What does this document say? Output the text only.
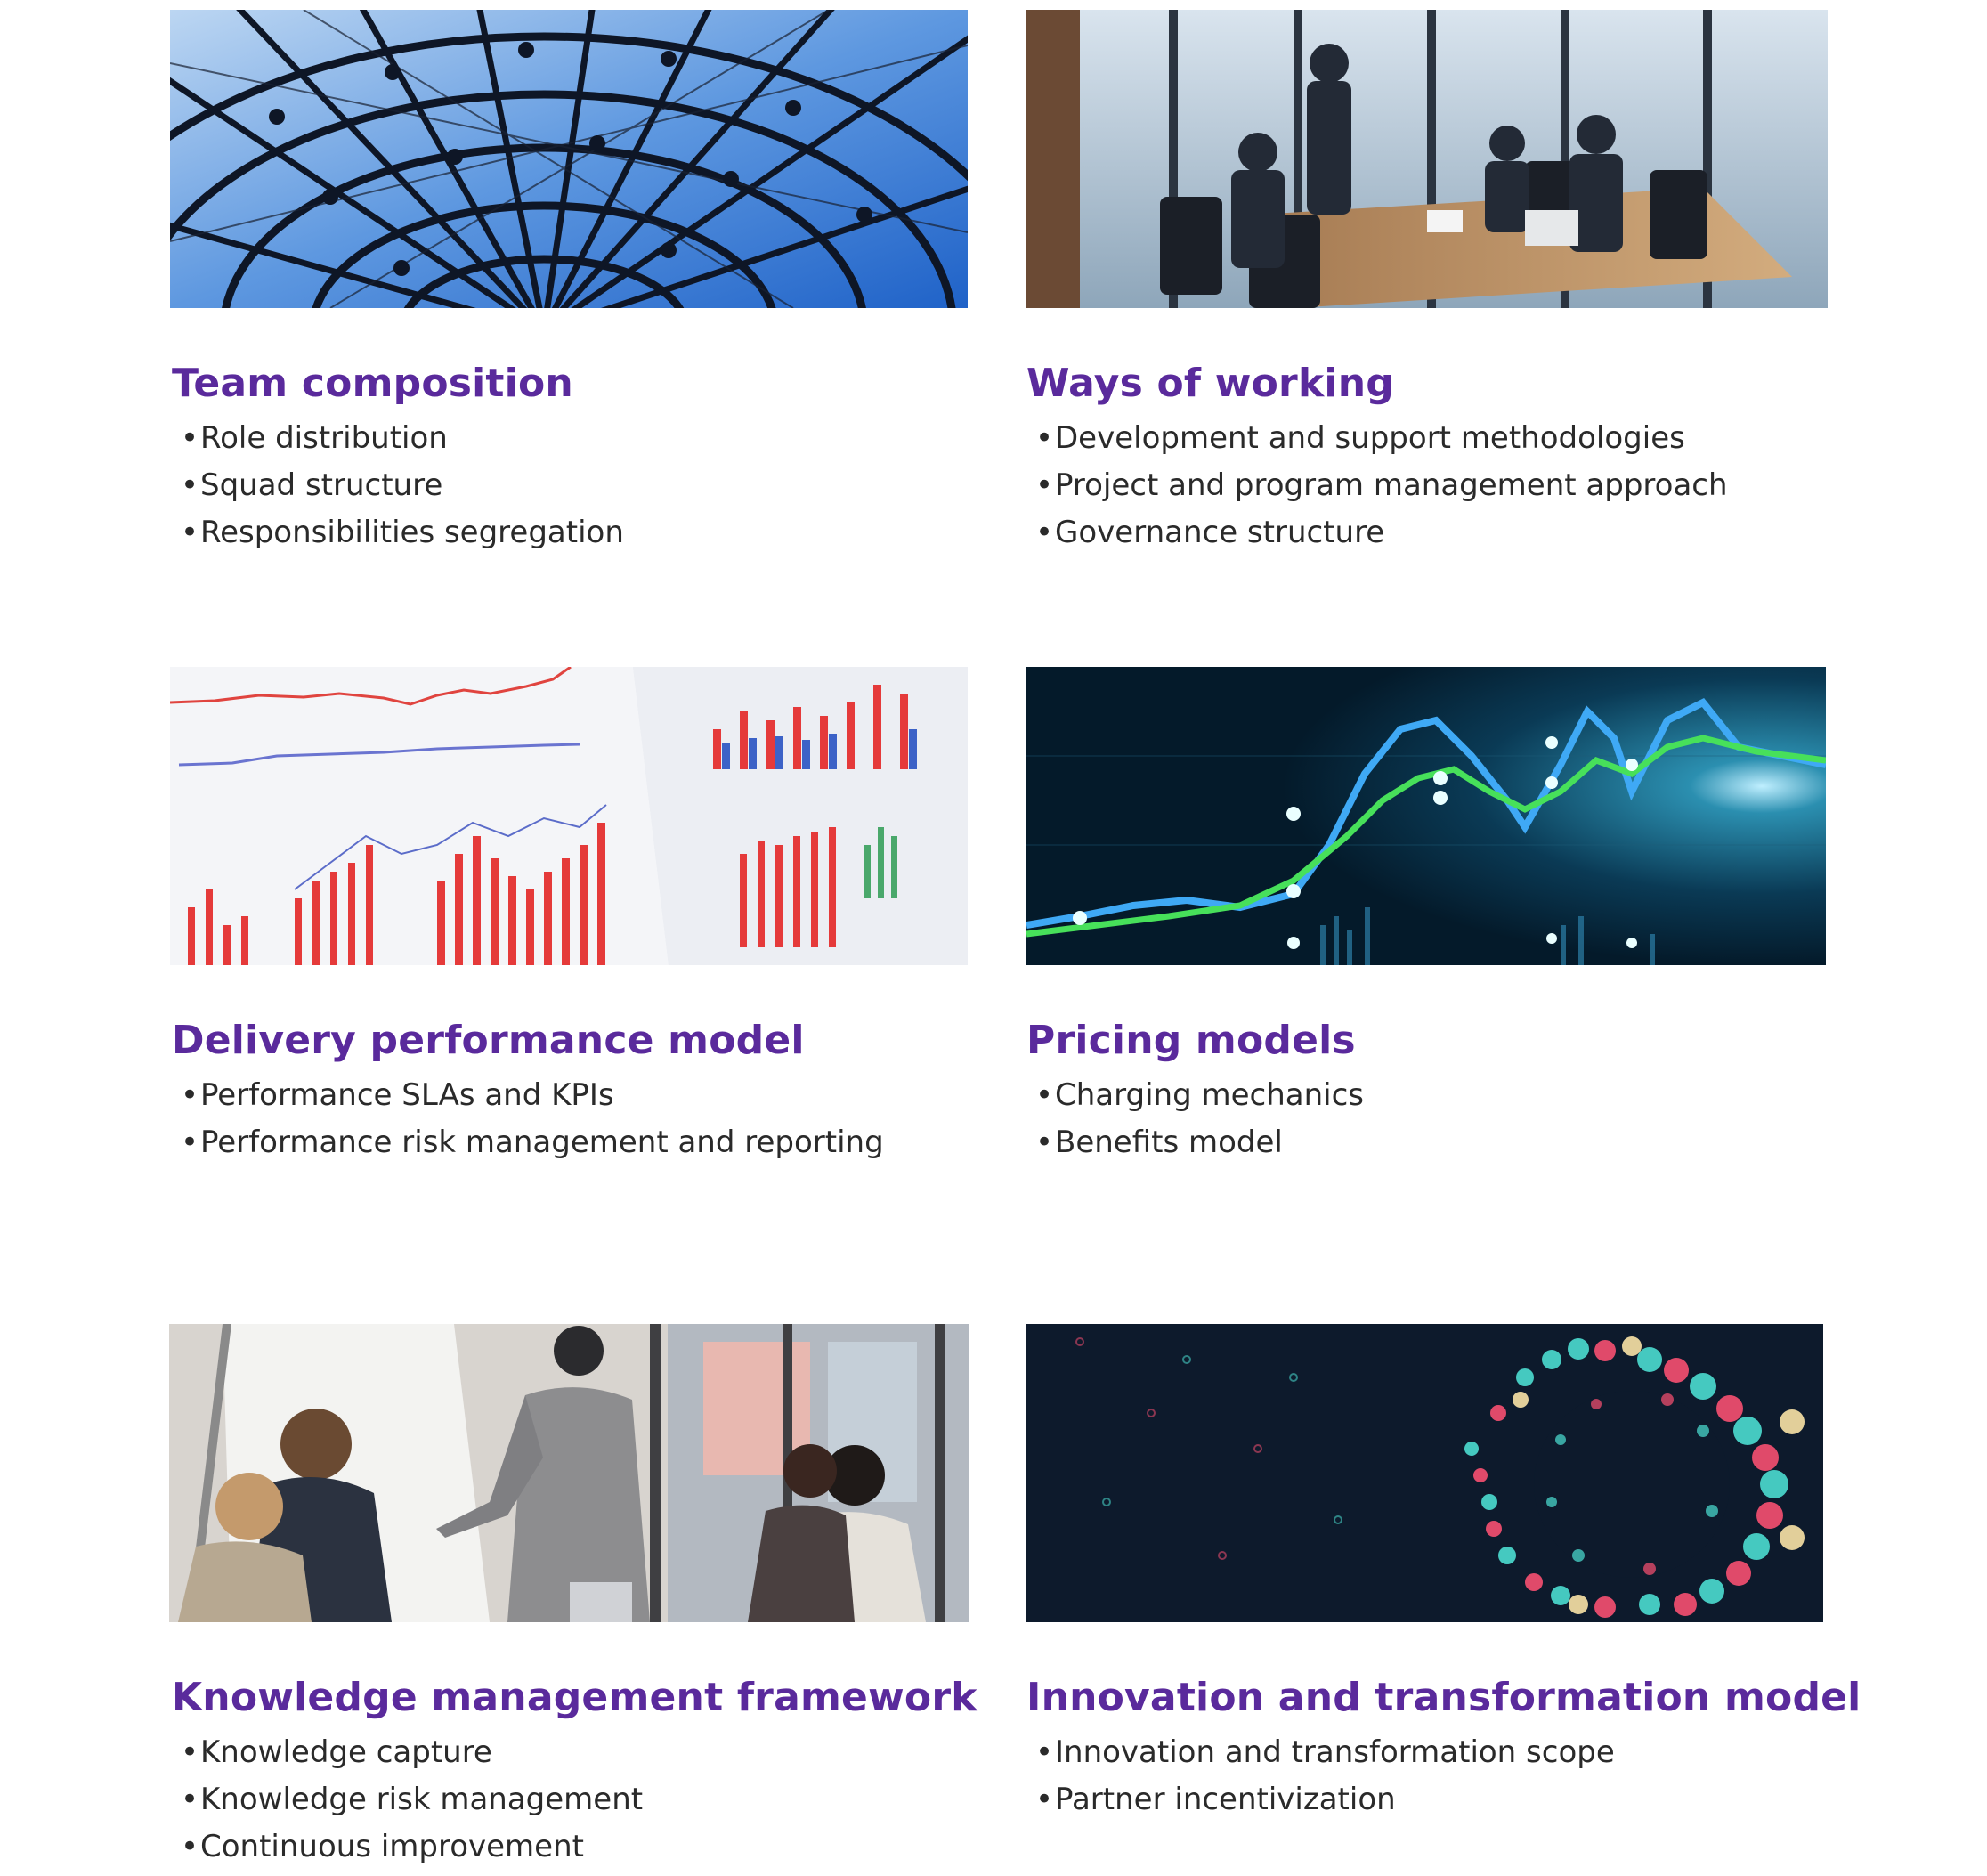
Team composition
•Role distribution
•Squad structure
•Responsibilities segregation
Ways of working
•Development and support methodologies
•Project and program management approach
•Governance structure
Delivery performance model
•Performance SLAs and KPIs
•Performance risk management and reporting
Pricing models
•Charging mechanics
•Benefits model
Knowledge management framework
•Knowledge capture
•Knowledge risk management
•Continuous improvement
Innovation and transformation model
•Innovation and transformation scope
•Partner incentivization
